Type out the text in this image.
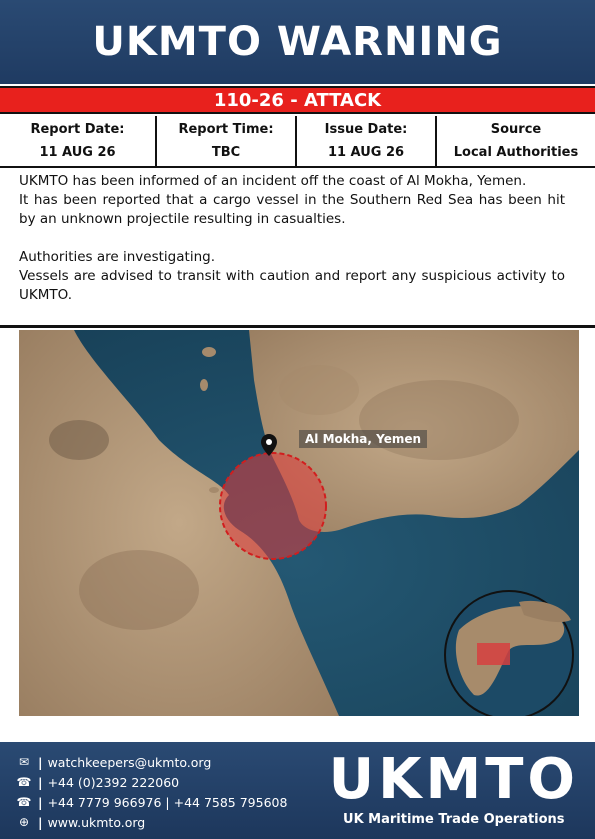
UKMTO WARNING
110-26 - ATTACK
Report Date:
11 AUG 26
Report Time:
TBC
Issue Date:
11 AUG 26
Source
Local Authorities

UKMTO has been informed of an incident off the coast of Al Mokha, Yemen.

It has been reported that a cargo vessel in the Southern Red Sea has been hit by an unknown projectile resulting in casualties.

Authorities are investigating.

Vessels are advised to transit with caution and report any suspicious activity to UKMTO.

Al Mokha, Yemen
✉ | watchkeepers@ukmto.org
☎ | +44 (0)2392 222060
☎ | +44 7779 966976 | +44 7585 795608
⊕ | www.ukmto.org
UKMTO
UK Maritime Trade Operations
